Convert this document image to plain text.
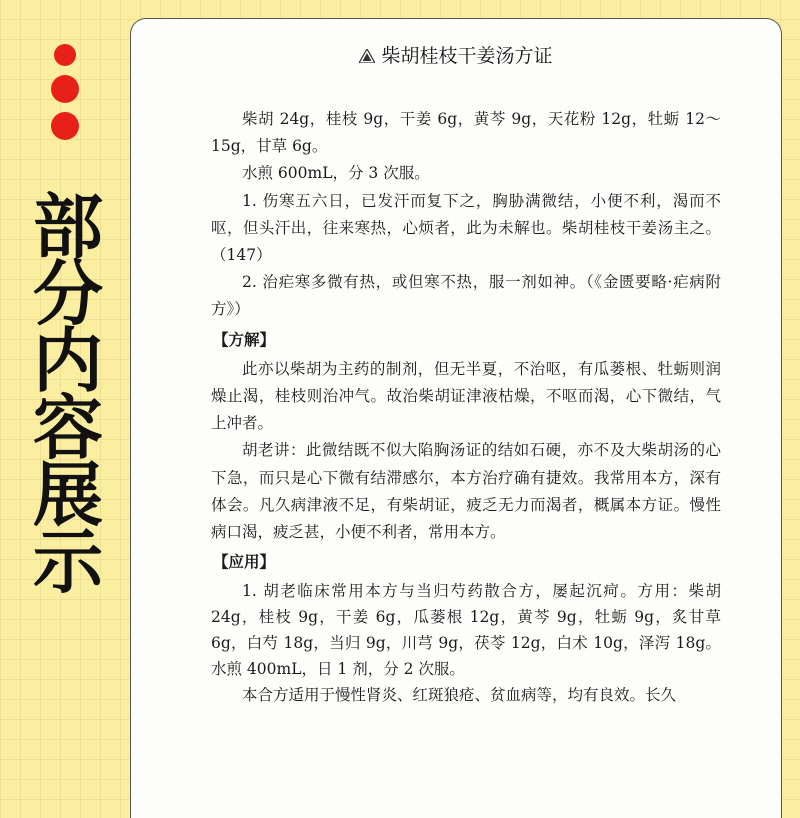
部
分
内
容
展
示
柴胡桂枝干姜汤方证

柴胡 24g，桂枝 9g，干姜 6g，黄芩 9g，天花粉 12g，牡蛎 12～15g，甘草 6g。

水煎 600mL，分 3 次服。

1. 伤寒五六日，已发汗而复下之，胸胁满微结，小便不利，渴而不呕，但头汗出，往来寒热，心烦者，此为未解也。柴胡桂枝干姜汤主之。（147）

2. 治疟寒多微有热，或但寒不热，服一剂如神。（《金匮要略·疟病附方》）

【方解】

此亦以柴胡为主药的制剂，但无半夏，不治呕，有瓜蒌根、牡蛎则润燥止渴，桂枝则治冲气。故治柴胡证津液枯燥，不呕而渴，心下微结，气上冲者。

胡老讲：此微结既不似大陷胸汤证的结如石硬，亦不及大柴胡汤的心下急，而只是心下微有结滞感尔，本方治疗确有捷效。我常用本方，深有体会。凡久病津液不足，有柴胡证，疲乏无力而渴者，概属本方证。慢性病口渴，疲乏甚，小便不利者，常用本方。

【应用】

1. 胡老临床常用本方与当归芍药散合方，屡起沉疴。方用：柴胡 24g，桂枝 9g，干姜 6g，瓜蒌根 12g，黄芩 9g，牡蛎 9g，炙甘草 6g，白芍 18g，当归 9g，川芎 9g，茯苓 12g，白术 10g，泽泻 18g。水煎 400mL，日 1 剂，分 2 次服。

本合方适用于慢性肾炎、红斑狼疮、贫血病等，均有良效。长久
